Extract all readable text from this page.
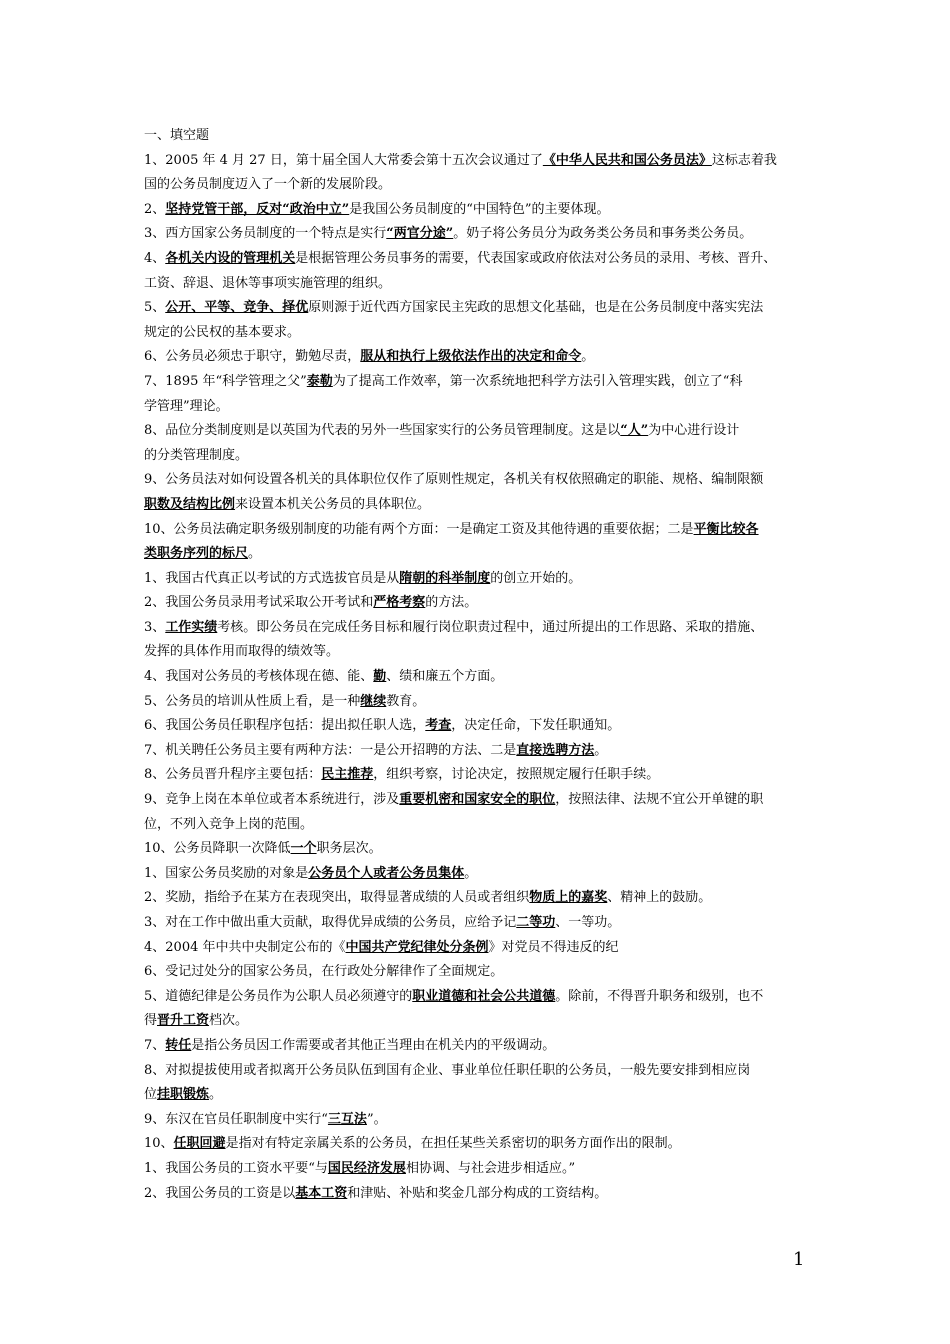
一、填空题
1、2005 年 4 月 27 日，第十届全国人大常委会第十五次会议通过了《中华人民共和国公务员法》这标志着我
国的公务员制度迈入了一个新的发展阶段。
2、坚持党管干部，反对“政治中立”是我国公务员制度的“中国特色”的主要体现。
3、西方国家公务员制度的一个特点是实行“两官分途”。奶子将公务员分为政务类公务员和事务类公务员。
4、各机关内设的管理机关是根据管理公务员事务的需要，代表国家或政府依法对公务员的录用、考核、晋升、
工资、辞退、退休等事项实施管理的组织。
5、公开、平等、竞争、择优原则源于近代西方国家民主宪政的思想文化基础，也是在公务员制度中落实宪法
规定的公民权的基本要求。
6、公务员必须忠于职守，勤勉尽责，服从和执行上级依法作出的决定和命令。
7、1895 年“科学管理之父”泰勒为了提高工作效率，第一次系统地把科学方法引入管理实践，创立了“科
学管理”理论。
8、品位分类制度则是以英国为代表的另外一些国家实行的公务员管理制度。这是以“人”为中心进行设计
的分类管理制度。
9、公务员法对如何设置各机关的具体职位仅作了原则性规定，各机关有权依照确定的职能、规格、编制限额
职数及结构比例来设置本机关公务员的具体职位。
10、公务员法确定职务级别制度的功能有两个方面：一是确定工资及其他待遇的重要依据；二是平衡比较各
类职务序列的标尺。
1、我国古代真正以考试的方式选拔官员是从隋朝的科举制度的创立开始的。
2、我国公务员录用考试采取公开考试和严格考察的方法。
3、工作实绩考核。即公务员在完成任务目标和履行岗位职责过程中，通过所提出的工作思路、采取的措施、
发挥的具体作用而取得的绩效等。
4、我国对公务员的考核体现在德、能、勤、绩和廉五个方面。
5、公务员的培训从性质上看，是一种继续教育。
6、我国公务员任职程序包括：提出拟任职人选，考查，决定任命，下发任职通知。
7、机关聘任公务员主要有两种方法：一是公开招聘的方法、二是直接选聘方法。
8、公务员晋升程序主要包括：民主推荐，组织考察，讨论决定，按照规定履行任职手续。
9、竞争上岗在本单位或者本系统进行，涉及重要机密和国家安全的职位，按照法律、法规不宜公开单键的职
位，不列入竞争上岗的范围。
10、公务员降职一次降低一个职务层次。
1、国家公务员奖励的对象是公务员个人或者公务员集体。
2、奖励，指给予在某方在表现突出，取得显著成绩的人员或者组织物质上的嘉奖、精神上的鼓励。
3、对在工作中做出重大贡献，取得优异成绩的公务员，应给予记二等功、一等功。
4、2004 年中共中央制定公布的《中国共产党纪律处分条例》对党员不得违反的纪
6、受记过处分的国家公务员，在行政处分解律作了全面规定。
5、道德纪律是公务员作为公职人员必须遵守的职业道德和社会公共道德。除前，不得晋升职务和级别，也不
得晋升工资档次。
7、转任是指公务员因工作需要或者其他正当理由在机关内的平级调动。
8、对拟提拔使用或者拟离开公务员队伍到国有企业、事业单位任职任职的公务员，一般先要安排到相应岗
位挂职锻炼。
9、东汉在官员任职制度中实行“三互法”。
10、任职回避是指对有特定亲属关系的公务员，在担任某些关系密切的职务方面作出的限制。
1、我国公务员的工资水平要“与国民经济发展相协调、与社会进步相适应。”
2、我国公务员的工资是以基本工资和津贴、补贴和奖金几部分构成的工资结构。
1
